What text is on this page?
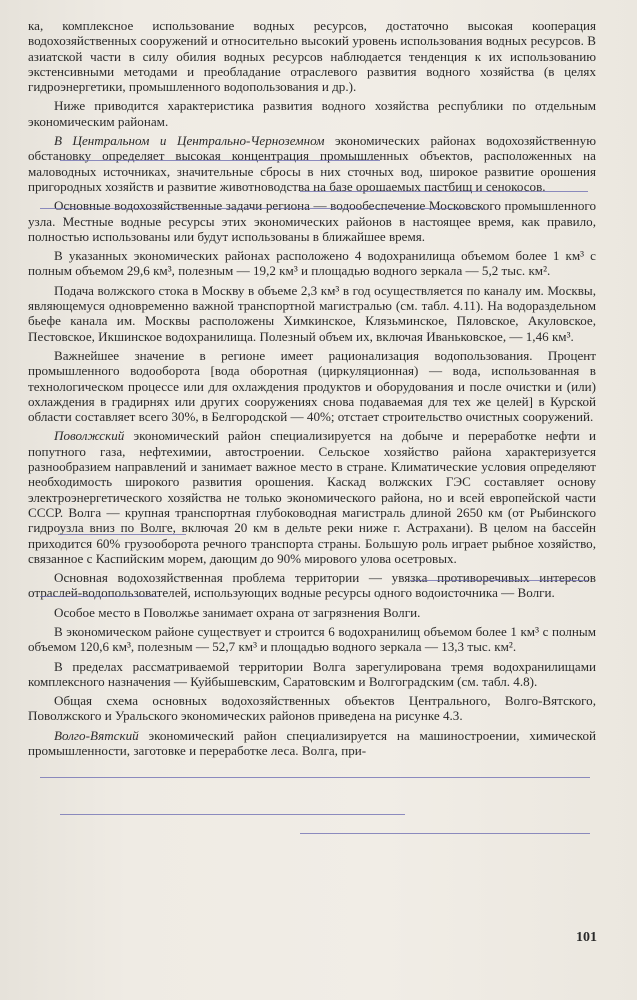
ка, комплексное использование водных ресурсов, достаточно высокая кооперация водохозяйственных сооружений и относительно высокий уровень использования водных ресурсов. В азиатской части в силу обилия водных ресурсов наблюдается тенденция к их использованию экстенсивными методами и преобладание отраслевого развития водного хозяйства (в целях гидроэнергетики, промышленного водопользования и др.).

Ниже приводится характеристика развития водного хозяйства республики по отдельным экономическим районам.

В Центральном и Центрально-Черноземном экономических районах водохозяйственную обстановку определяет высокая концентрация промышленных объектов, расположенных на маловодных источниках, значительные сбросы в них сточных вод, широкое развитие орошения пригородных хозяйств и развитие животноводства на базе орошаемых пастбищ и сенокосов.

Основные водохозяйственные задачи региона — водообеспечение Московского промышленного узла. Местные водные ресурсы этих экономических районов в настоящее время, как правило, полностью использованы или будут использованы в ближайшее время.

В указанных экономических районах расположено 4 водохранилища объемом более 1 км³ с полным объемом 29,6 км³, полезным — 19,2 км³ и площадью водного зеркала — 5,2 тыс. км².

Подача волжского стока в Москву в объеме 2,3 км³ в год осуществляется по каналу им. Москвы, являющемуся одновременно важной транспортной магистралью (см. табл. 4.11). На водораздельном бьефе канала им. Москвы расположены Химкинское, Клязьминское, Пяловское, Акуловское, Пестовское, Икшинское водохранилища. Полезный объем их, включая Иваньковское, — 1,46 км³.

Важнейшее значение в регионе имеет рационализация водопользования. Процент промышленного водооборота [вода оборотная (циркуляционная) — вода, использованная в технологическом процессе или для охлаждения продуктов и оборудования и после очистки и (или) охлаждения в градирнях или других сооружениях снова подаваемая для тех же целей] в Курской области составляет всего 30%, в Белгородской — 40%; отстает строительство очистных сооружений.

Поволжский экономический район специализируется на добыче и переработке нефти и попутного газа, нефтехимии, автостроении. Сельское хозяйство района характеризуется разнообразием направлений и занимает важное место в стране. Климатические условия определяют необходимость широкого развития орошения. Каскад волжских ГЭС составляет основу электроэнергетического хозяйства не только экономического района, но и всей европейской части СССР. Волга — крупная транспортная глубоководная магистраль длиной 2650 км (от Рыбинского гидроузла вниз по Волге, включая 20 км в дельте реки ниже г. Астрахани). В целом на бассейн приходится 60% грузооборота речного транспорта страны. Большую роль играет рыбное хозяйство, связанное с Каспийским морем, дающим до 90% мирового улова осетровых.

Основная водохозяйственная проблема территории — увязка противоречивых интересов отраслей-водопользователей, использующих водные ресурсы одного водоисточника — Волги.

Особое место в Поволжье занимает охрана от загрязнения Волги.

В экономическом районе существует и строится 6 водохранилищ объемом более 1 км³ с полным объемом 120,6 км³, полезным — 52,7 км³ и площадью водного зеркала — 13,3 тыс. км².

В пределах рассматриваемой территории Волга зарегулирована тремя водохранилищами комплексного назначения — Куйбышевским, Саратовским и Волгоградским (см. табл. 4.8).

Общая схема основных водохозяйственных объектов Центрального, Волго-Вятского, Поволжского и Уральского экономических районов приведена на рисунке 4.3.

Волго-Вятский экономический район специализируется на машиностроении, химической промышленности, заготовке и переработке леса. Волга, при-

101
